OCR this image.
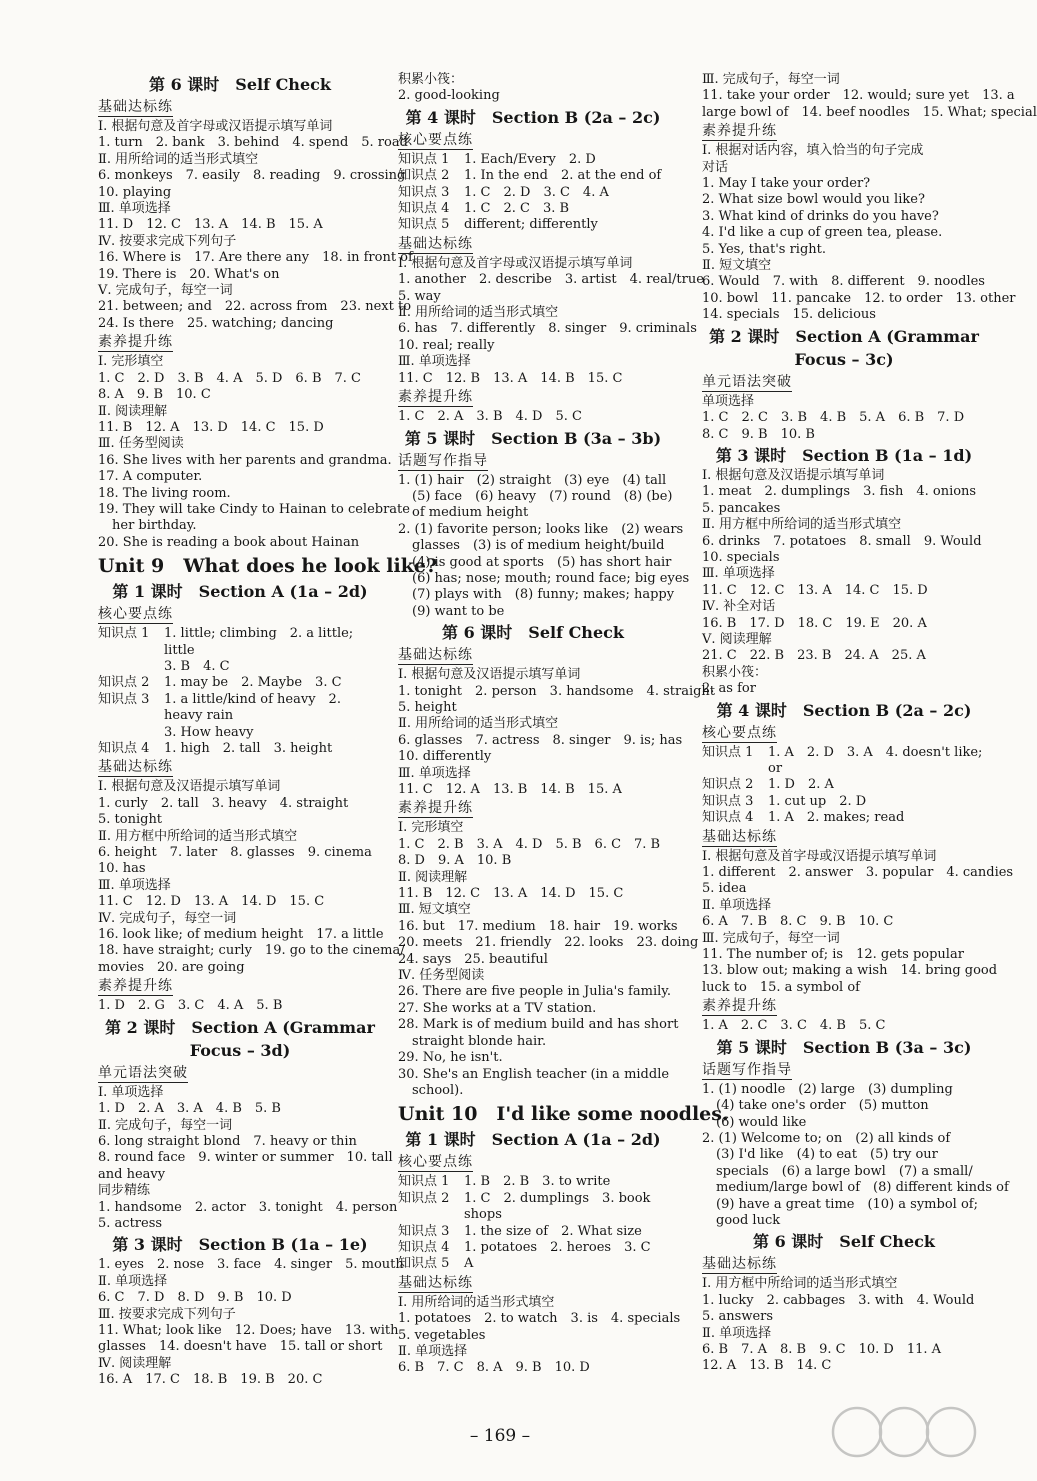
第 6 课时　Self Check
基础达标练
Ⅰ. 根据句意及首字母或汉语提示填写单词
1. turn　2. bank　3. behind　4. spend　5. road
Ⅱ. 用所给词的适当形式填空
6. monkeys　7. easily　8. reading　9. crossing
10. playing
Ⅲ. 单项选择
11. D　12. C　13. A　14. B　15. A
Ⅳ. 按要求完成下列句子
16. Where is　17. Are there any　18. in front of
19. There is　20. What's on
Ⅴ. 完成句子，每空一词
21. between; and　22. across from　23. next to
24. Is there　25. watching; dancing
素养提升练
Ⅰ. 完形填空
1. C　2. D　3. B　4. A　5. D　6. B　7. C
8. A　9. B　10. C
Ⅱ. 阅读理解
11. B　12. A　13. D　14. C　15. D
Ⅲ. 任务型阅读
16. She lives with her parents and grandma.
17. A computer.
18. The living room.
19. They will take Cindy to Hainan to celebrate
her birthday.
20. She is reading a book about Hainan
Unit 9　What does he look like?
第 1 课时　Section A (1a – 2d)
核心要点练
知识点 1	1. little; climbing　2. a little; little
3. B　4. C
知识点 2	1. may be　2. Maybe　3. C
知识点 3	1. a little/kind of heavy　2. heavy rain
3. How heavy
知识点 4	1. high　2. tall　3. height
基础达标练
Ⅰ. 根据句意及汉语提示填写单词
1. curly　2. tall　3. heavy　4. straight
5. tonight
Ⅱ. 用方框中所给词的适当形式填空
6. height　7. later　8. glasses　9. cinema
10. has
Ⅲ. 单项选择
11. C　12. D　13. A　14. D　15. C
Ⅳ. 完成句子，每空一词
16. look like; of medium height　17. a little
18. have straight; curly　19. go to the cinema/
movies　20. are going
素养提升练
1. D　2. G　3. C　4. A　5. B
第 2 课时　Section A (Grammar
Focus – 3d)
单元语法突破
Ⅰ. 单项选择
1. D　2. A　3. A　4. B　5. B
Ⅱ. 完成句子，每空一词
6. long straight blond　7. heavy or thin
8. round face　9. winter or summer　10. tall
and heavy
同步精练
1. handsome　2. actor　3. tonight　4. person
5. actress
第 3 课时　Section B (1a – 1e)
1. eyes　2. nose　3. face　4. singer　5. mouth
Ⅱ. 单项选择
6. C　7. D　8. D　9. B　10. D
Ⅲ. 按要求完成下列句子
11. What; look like　12. Does; have　13. with
glasses　14. doesn't have　15. tall or short
Ⅳ. 阅读理解
16. A　17. C　18. B　19. B　20. C
积累小筏：
2. good-looking
第 4 课时　Section B (2a – 2c)
核心要点练
知识点 1	1. Each/Every　2. D
知识点 2	1. In the end　2. at the end of
知识点 3	1. C　2. D　3. C　4. A
知识点 4	1. C　2. C　3. B
知识点 5	different; differently
基础达标练
Ⅰ. 根据句意及首字母或汉语提示填写单词
1. another　2. describe　3. artist　4. real/true
5. way
Ⅱ. 用所给词的适当形式填空
6. has　7. differently　8. singer　9. criminals
10. real; really
Ⅲ. 单项选择
11. C　12. B　13. A　14. B　15. C
素养提升练
1. C　2. A　3. B　4. D　5. C
第 5 课时　Section B (3a – 3b)
话题写作指导
1. (1) hair　(2) straight　(3) eye　(4) tall
(5) face　(6) heavy　(7) round　(8) (be)
of medium height
2. (1) favorite person; looks like　(2) wears
glasses　(3) is of medium height/build
(4) is good at sports　(5) has short hair
(6) has; nose; mouth; round face; big eyes
(7) plays with　(8) funny; makes; happy
(9) want to be
第 6 课时　Self Check
基础达标练
Ⅰ. 根据句意及汉语提示填写单词
1. tonight　2. person　3. handsome　4. straight
5. height
Ⅱ. 用所给词的适当形式填空
6. glasses　7. actress　8. singer　9. is; has
10. differently
Ⅲ. 单项选择
11. C　12. A　13. B　14. B　15. A
素养提升练
Ⅰ. 完形填空
1. C　2. B　3. A　4. D　5. B　6. C　7. B
8. D　9. A　10. B
Ⅱ. 阅读理解
11. B　12. C　13. A　14. D　15. C
Ⅲ. 短文填空
16. but　17. medium　18. hair　19. works
20. meets　21. friendly　22. looks　23. doing
24. says　25. beautiful
Ⅳ. 任务型阅读
26. There are five people in Julia's family.
27. She works at a TV station.
28. Mark is of medium build and has short
straight blonde hair.
29. No, he isn't.
30. She's an English teacher (in a middle
school).
Unit 10　I'd like some noodles.
第 1 课时　Section A (1a – 2d)
核心要点练
知识点 1	1. B　2. B　3. to write
知识点 2	1. C　2. dumplings　3. book shops
知识点 3	1. the size of　2. What size
知识点 4	1. potatoes　2. heroes　3. C
知识点 5	A
基础达标练
Ⅰ. 用所给词的适当形式填空
1. potatoes　2. to watch　3. is　4. specials
5. vegetables
Ⅱ. 单项选择
6. B　7. C　8. A　9. B　10. D
Ⅲ. 完成句子，每空一词
11. take your order　12. would; sure yet　13. a
large bowl of　14. beef noodles　15. What; special
素养提升练
Ⅰ. 根据对话内容，填入恰当的句子完成
对话
1. May I take your order?
2. What size bowl would you like?
3. What kind of drinks do you have?
4. I'd like a cup of green tea, please.
5. Yes, that's right.
Ⅱ. 短文填空
6. Would　7. with　8. different　9. noodles
10. bowl　11. pancake　12. to order　13. other
14. specials　15. delicious
第 2 课时　Section A (Grammar
Focus – 3c)
单元语法突破
单项选择
1. C　2. C　3. B　4. B　5. A　6. B　7. D
8. C　9. B　10. B
第 3 课时　Section B (1a – 1d)
Ⅰ. 根据句意及汉语提示填写单词
1. meat　2. dumplings　3. fish　4. onions
5. pancakes
Ⅱ. 用方框中所给词的适当形式填空
6. drinks　7. potatoes　8. small　9. Would
10. specials
Ⅲ. 单项选择
11. C　12. C　13. A　14. C　15. D
Ⅳ. 补全对话
16. B　17. D　18. C　19. E　20. A
Ⅴ. 阅读理解
21. C　22. B　23. B　24. A　25. A
积累小筏：
2. as for
第 4 课时　Section B (2a – 2c)
核心要点练
知识点 1	1. A　2. D　3. A　4. doesn't like; or
知识点 2	1. D　2. A
知识点 3	1. cut up　2. D
知识点 4	1. A　2. makes; read
基础达标练
Ⅰ. 根据句意及首字母或汉语提示填写单词
1. different　2. answer　3. popular　4. candies
5. idea
Ⅱ. 单项选择
6. A　7. B　8. C　9. B　10. C
Ⅲ. 完成句子，每空一词
11. The number of; is　12. gets popular
13. blow out; making a wish　14. bring good
luck to　15. a symbol of
素养提升练
1. A　2. C　3. C　4. B　5. C
第 5 课时　Section B (3a – 3c)
话题写作指导
1. (1) noodle　(2) large　(3) dumpling
(4) take one's order　(5) mutton
(6) would like
2. (1) Welcome to; on　(2) all kinds of
(3) I'd like　(4) to eat　(5) try our
specials　(6) a large bowl　(7) a small/
medium/large bowl of　(8) different kinds of
(9) have a great time　(10) a symbol of;
good luck
第 6 课时　Self Check
基础达标练
Ⅰ. 用方框中所给词的适当形式填空
1. lucky　2. cabbages　3. with　4. Would
5. answers
Ⅱ. 单项选择
6. B　7. A　8. B　9. C　10. D　11. A
12. A　13. B　14. C
– 169 –
